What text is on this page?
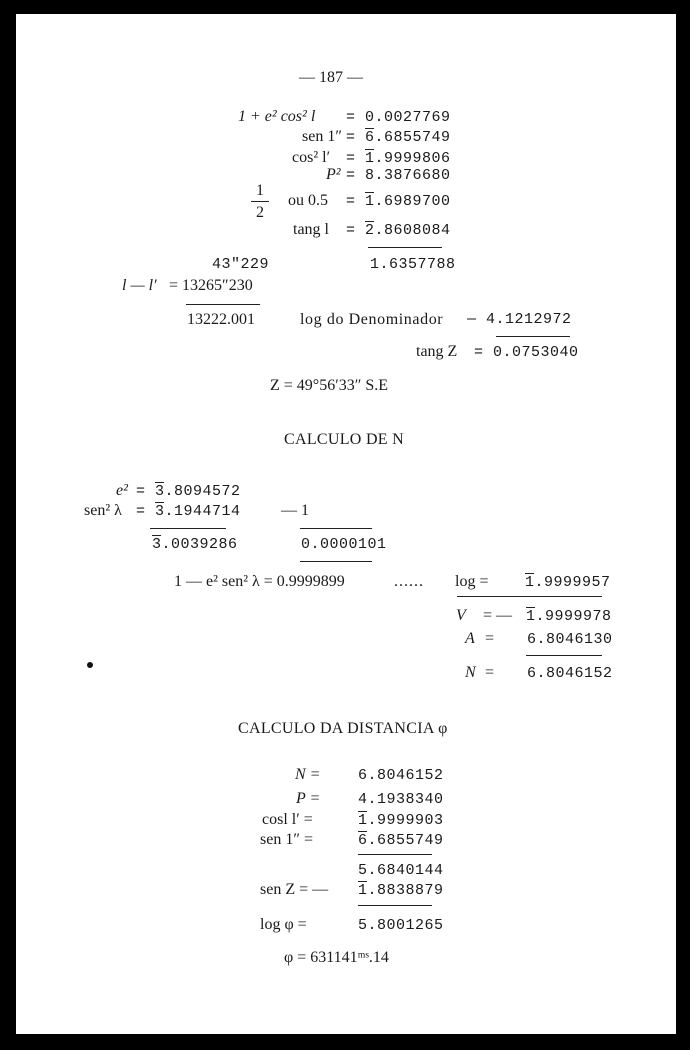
— 187 —
1 + e² cos² l = 0.0027769
sen 1″ = 6.6855749
cos² l′ = 1.9999806
P² = 8.3876680
1
2
ou 0.5 = 1.6989700
tang l = 2.8608084
43″229	1.6357788
l — l′ = 13265″230
13222.001	log do Denominador — 4.1212972
tang Z = 0.0753040
Z = 49°56′33″ S.E
CALCULO DE N
e² = 3.8094572
sen² λ = 3.1944714	— 1
3.0039286	0.0000101
1 — e² sen² λ = 0.9999899	...... log = 1.9999957
V = — 1.9999978
A = 6.8046130
N = 6.8046152
CALCULO DA DISTANCIA φ
N =	6.8046152
P =	4.1938340
cosl l′ =	1.9999903
sen 1″ =	6.6855749
5.6840144
sen Z = — 1.8838879
log φ =	5.8001265
φ = 631141ᵐˢ.14
